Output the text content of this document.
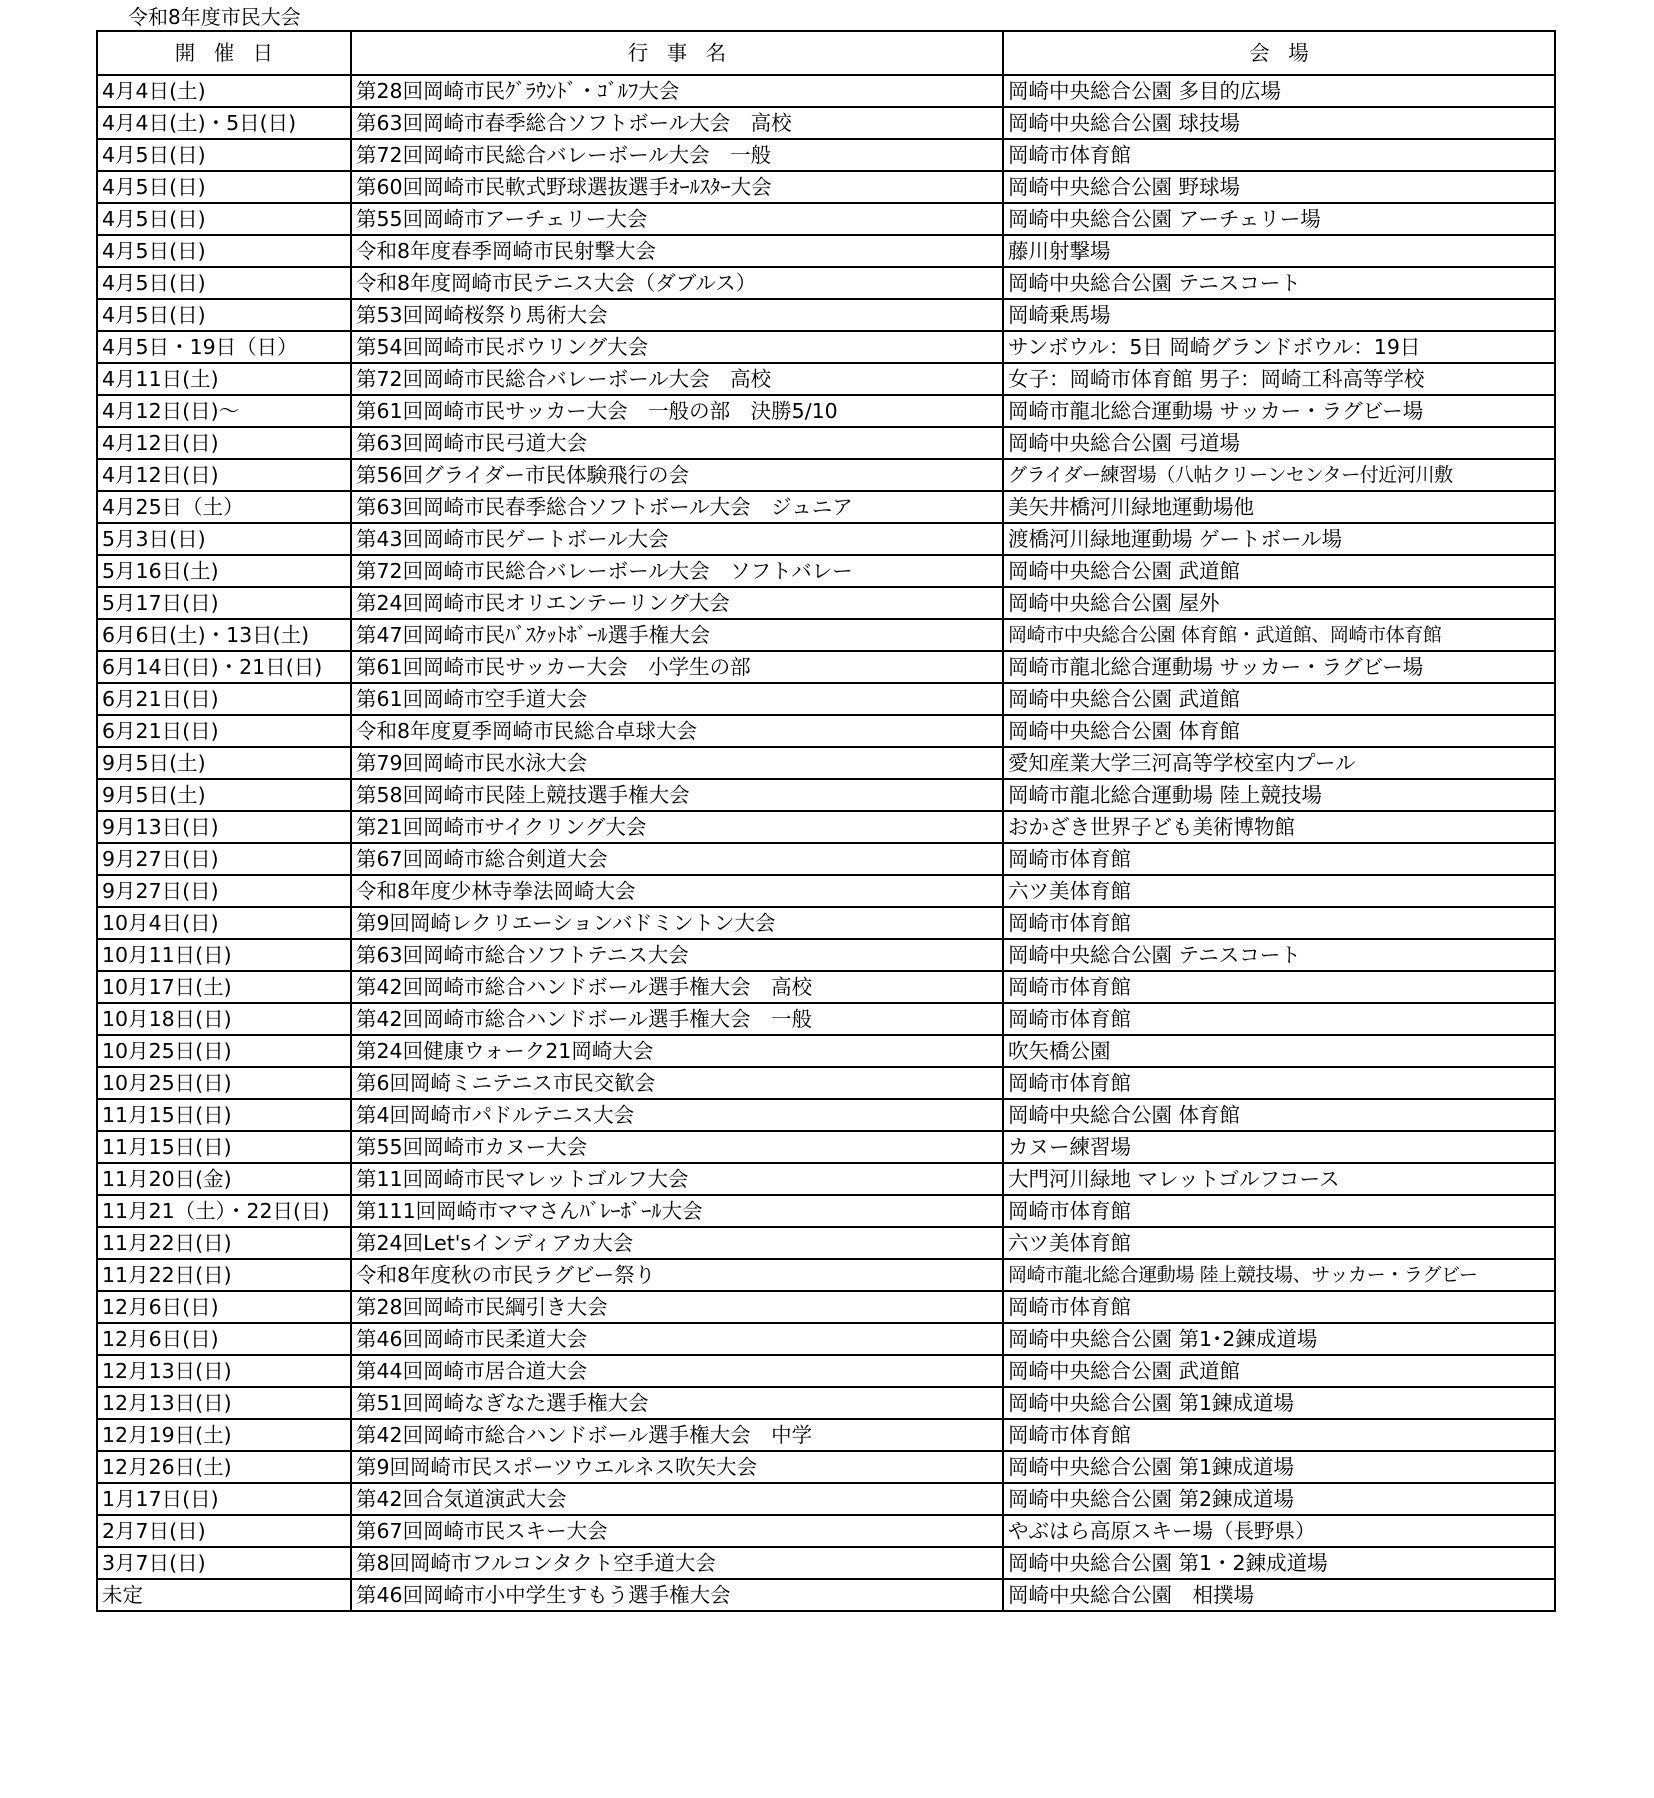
令和8年度市民大会
開催日	行事名	会場
4月4日(土)	第28回岡崎市民ｸﾞﾗｳﾝﾄﾞ・ｺﾞﾙﾌ大会	岡崎中央総合公園 多目的広場
4月4日(土)・5日(日)	第63回岡崎市春季総合ソフトボール大会　高校	岡崎中央総合公園 球技場
4月5日(日)	第72回岡崎市民総合バレーボール大会　一般	岡崎市体育館
4月5日(日)	第60回岡崎市民軟式野球選抜選手ｵｰﾙｽﾀｰ大会	岡崎中央総合公園 野球場
4月5日(日)	第55回岡崎市アーチェリー大会	岡崎中央総合公園 アーチェリー場
4月5日(日)	令和8年度春季岡崎市民射撃大会	藤川射撃場
4月5日(日)	令和8年度岡崎市民テニス大会（ダブルス）	岡崎中央総合公園 テニスコート
4月5日(日)	第53回岡崎桜祭り馬術大会	岡崎乗馬場
4月5日・19日（日）	第54回岡崎市民ボウリング大会	サンボウル：5日 岡崎グランドボウル：19日
4月11日(土)	第72回岡崎市民総合バレーボール大会　高校	女子：岡崎市体育館 男子：岡崎工科高等学校
4月12日(日)～	第61回岡崎市民サッカー大会　一般の部　決勝5/10	岡崎市龍北総合運動場 サッカー・ラグビー場
4月12日(日)	第63回岡崎市民弓道大会	岡崎中央総合公園 弓道場
4月12日(日)	第56回グライダー市民体験飛行の会	グライダー練習場（八帖クリーンセンター付近河川敷
4月25日（土）	第63回岡崎市民春季総合ソフトボール大会　ジュニア	美矢井橋河川緑地運動場他
5月3日(日)	第43回岡崎市民ゲートボール大会	渡橋河川緑地運動場 ゲートボール場
5月16日(土)	第72回岡崎市民総合バレーボール大会　ソフトバレー	岡崎中央総合公園 武道館
5月17日(日)	第24回岡崎市民オリエンテーリング大会	岡崎中央総合公園 屋外
6月6日(土)・13日(土)	第47回岡崎市民ﾊﾞｽｹｯﾄﾎﾞｰﾙ選手権大会	岡崎市中央総合公園 体育館・武道館、岡崎市体育館
6月14日(日)・21日(日)	第61回岡崎市民サッカー大会　小学生の部	岡崎市龍北総合運動場 サッカー・ラグビー場
6月21日(日)	第61回岡崎市空手道大会	岡崎中央総合公園 武道館
6月21日(日)	令和8年度夏季岡崎市民総合卓球大会	岡崎中央総合公園 体育館
9月5日(土)	第79回岡崎市民水泳大会	愛知産業大学三河高等学校室内プール
9月5日(土)	第58回岡崎市民陸上競技選手権大会	岡崎市龍北総合運動場 陸上競技場
9月13日(日)	第21回岡崎市サイクリング大会	おかざき世界子ども美術博物館
9月27日(日)	第67回岡崎市総合剣道大会	岡崎市体育館
9月27日(日)	令和8年度少林寺拳法岡崎大会	六ツ美体育館
10月4日(日)	第9回岡崎レクリエーションバドミントン大会	岡崎市体育館
10月11日(日)	第63回岡崎市総合ソフトテニス大会	岡崎中央総合公園 テニスコート
10月17日(土)	第42回岡崎市総合ハンドボール選手権大会　高校	岡崎市体育館
10月18日(日)	第42回岡崎市総合ハンドボール選手権大会　一般	岡崎市体育館
10月25日(日)	第24回健康ウォーク21岡崎大会	吹矢橋公園
10月25日(日)	第6回岡崎ミニテニス市民交歓会	岡崎市体育館
11月15日(日)	第4回岡崎市パドルテニス大会	岡崎中央総合公園 体育館
11月15日(日)	第55回岡崎市カヌー大会	カヌー練習場
11月20日(金)	第11回岡崎市民マレットゴルフ大会	大門河川緑地 マレットゴルフコース
11月21（土）・22日(日)	第111回岡崎市ママさんﾊﾞﾚｰﾎﾞｰﾙ大会	岡崎市体育館
11月22日(日)	第24回Let'sインディアカ大会	六ツ美体育館
11月22日(日)	令和8年度秋の市民ラグビー祭り	岡崎市龍北総合運動場 陸上競技場、サッカー・ラグビー
12月6日(日)	第28回岡崎市民綱引き大会	岡崎市体育館
12月6日(日)	第46回岡崎市民柔道大会	岡崎中央総合公園 第1･2錬成道場
12月13日(日)	第44回岡崎市居合道大会	岡崎中央総合公園 武道館
12月13日(日)	第51回岡崎なぎなた選手権大会	岡崎中央総合公園 第1錬成道場
12月19日(土)	第42回岡崎市総合ハンドボール選手権大会　中学	岡崎市体育館
12月26日(土)	第9回岡崎市民スポーツウエルネス吹矢大会	岡崎中央総合公園 第1錬成道場
1月17日(日)	第42回合気道演武大会	岡崎中央総合公園 第2錬成道場
2月7日(日)	第67回岡崎市民スキー大会	やぶはら高原スキー場（長野県）
3月7日(日)	第8回岡崎市フルコンタクト空手道大会	岡崎中央総合公園 第1・2錬成道場
未定	第46回岡崎市小中学生すもう選手権大会	岡崎中央総合公園　相撲場
